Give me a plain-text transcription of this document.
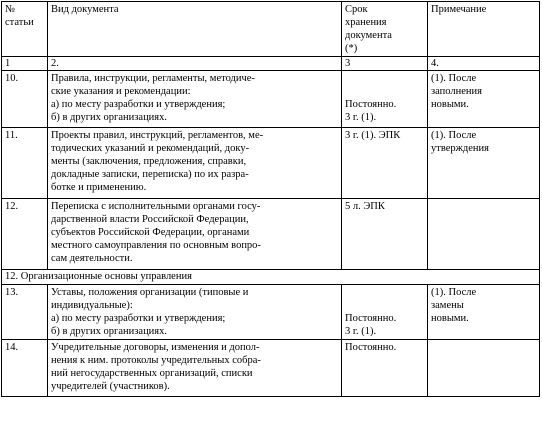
№
статьи	Вид документа	Срок
хранения
документа
(*)	Примечание
1	2.	3	4.
10.	Правила, инструкции, регламенты, методиче-
ские указания и рекомендации:
а) по месту разработки и утверждения;
б) в других организациях.	Постоянно.
3 г. (1).	(1). После
заполнения
новыми.

11.	Проекты правил, инструкций, регламентов, ме-
тодических указаний и рекомендаций, доку-
менты (заключения, предложения, справки,
докладные записки, переписка) по их разра-
ботке и применению.	3 г. (1). ЭПК	(1). После
утверждения

12.	Переписка с исполнительными органами госу-
дарственной власти Российской Федерации,
субъектов Российской Федерации, органами
местного самоуправления по основным вопро-
сам деятельности.	5 л. ЭПК	

12. Организационные основы управления			
13.	Уставы, положения организации (типовые и
индивидуальные):
а) по месту разработки и утверждения;
б) в других организациях.	Постоянно.
3 г. (1).	(1). После
замены
новыми.

14.	Учредительные договоры, изменения и допол-
нения к ним. протоколы учредительных собра-
ний негосударственных организаций, списки
учредителей (участников).	Постоянно.	
